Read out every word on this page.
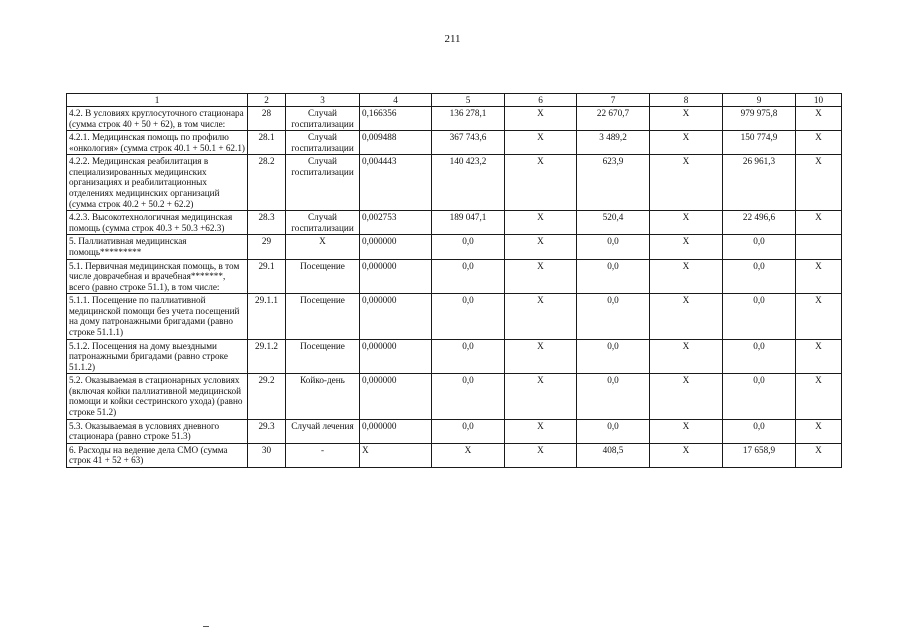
211
1	2	3	4	5	6	7	8	9	10
4.2. В условиях круглосуточного стационара (сумма строк 40 + 50 + 62), в том числе:	28	Случай госпитализации	0,166356	136 278,1	Х	22 670,7	Х	979 975,8	Х
4.2.1. Медицинская помощь по профилю «онкология» (сумма строк 40.1 + 50.1 + 62.1)	28.1	Случай госпитализации	0,009488	367 743,6	Х	3 489,2	Х	150 774,9	Х
4.2.2. Медицинская реабилитация в специализированных медицинских организациях и реабилитационных отделениях медицинских организаций (сумма строк 40.2 + 50.2 + 62.2)	28.2	Случай госпитализации	0,004443	140 423,2	Х	623,9	Х	26 961,3	Х
4.2.3. Высокотехнологичная медицинская помощь (сумма строк 40.3 + 50.3 +62.3)	28.3	Случай госпитализации	0,002753	189 047,1	Х	520,4	Х	22 496,6	Х
5. Паллиативная медицинская помощь*********	29	Х	0,000000	0,0	Х	0,0	Х	0,0	
5.1. Первичная медицинская помощь, в том числе доврачебная и врачебная*******, всего (равно строке 51.1), в том числе:	29.1	Посещение	0,000000	0,0	Х	0,0	Х	0,0	Х
5.1.1. Посещение по паллиативной медицинской помощи без учета посещений на дому патронажными бригадами (равно строке 51.1.1)	29.1.1	Посещение	0,000000	0,0	Х	0,0	Х	0,0	Х
5.1.2. Посещения на дому выездными патронажными бригадами (равно строке 51.1.2)	29.1.2	Посещение	0,000000	0,0	Х	0,0	Х	0,0	Х
5.2. Оказываемая в стационарных условиях (включая койки паллиативной медицинской помощи и койки сестринского ухода) (равно строке 51.2)	29.2	Койко-день	0,000000	0,0	Х	0,0	Х	0,0	Х
5.3. Оказываемая в условиях дневного стационара (равно строке 51.3)	29.3	Случай лечения	0,000000	0,0	Х	0,0	Х	0,0	Х
6. Расходы на ведение дела СМО (сумма строк 41 + 52 + 63)	30	-	Х	Х	Х	408,5	Х	17 658,9	Х
